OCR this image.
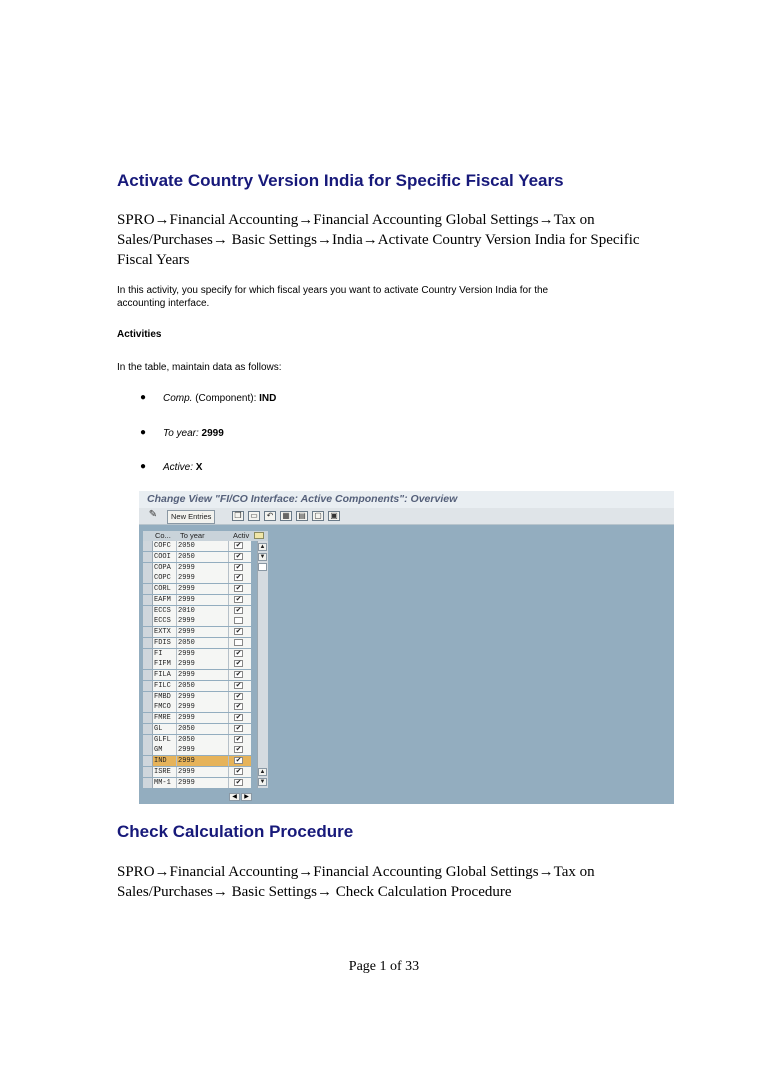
Activate Country Version India for Specific Fiscal Years
SPRO→Financial Accounting→Financial Accounting Global Settings→Tax on
Sales/Purchases→ Basic Settings→India→Activate Country Version India for Specific
Fiscal Years
In this activity, you specify for which fiscal years you want to activate Country Version India for the
accounting interface.
Activities
In the table, maintain data as follows:
● Comp. (Component): IND
● To year: 2999
● Active: X
Change View "FI/CO Interface: Active Components": Overview
✎	New Entries	❐	▭	↶	▦ ▤ ▢ ▣
Co... To year	Activ
COFC	2050	✔
COOI	2050	✔
COPA	2999	✔
COPC	2999	✔
CORL	2999	✔
EAFM	2999	✔
ECCS	2010	✔
ECCS	2999
EXTX	2999	✔
FDIS	2050
FI	2999	✔
FIFM	2999	✔
FILA	2999	✔
FILC	2050	✔
FMBD	2999	✔
FMCO	2999	✔
FMRE	2999	✔
GL	2050	✔
GLFL	2050	✔
GM	2999	✔
IND	2999	✔
ISRE	2999	✔
MM-1	2999	✔
▲
▼
▲
▼
◀	▶
Check Calculation Procedure
SPRO→Financial Accounting→Financial Accounting Global Settings→Tax on
Sales/Purchases→ Basic Settings→ Check Calculation Procedure
Page 1 of 33
